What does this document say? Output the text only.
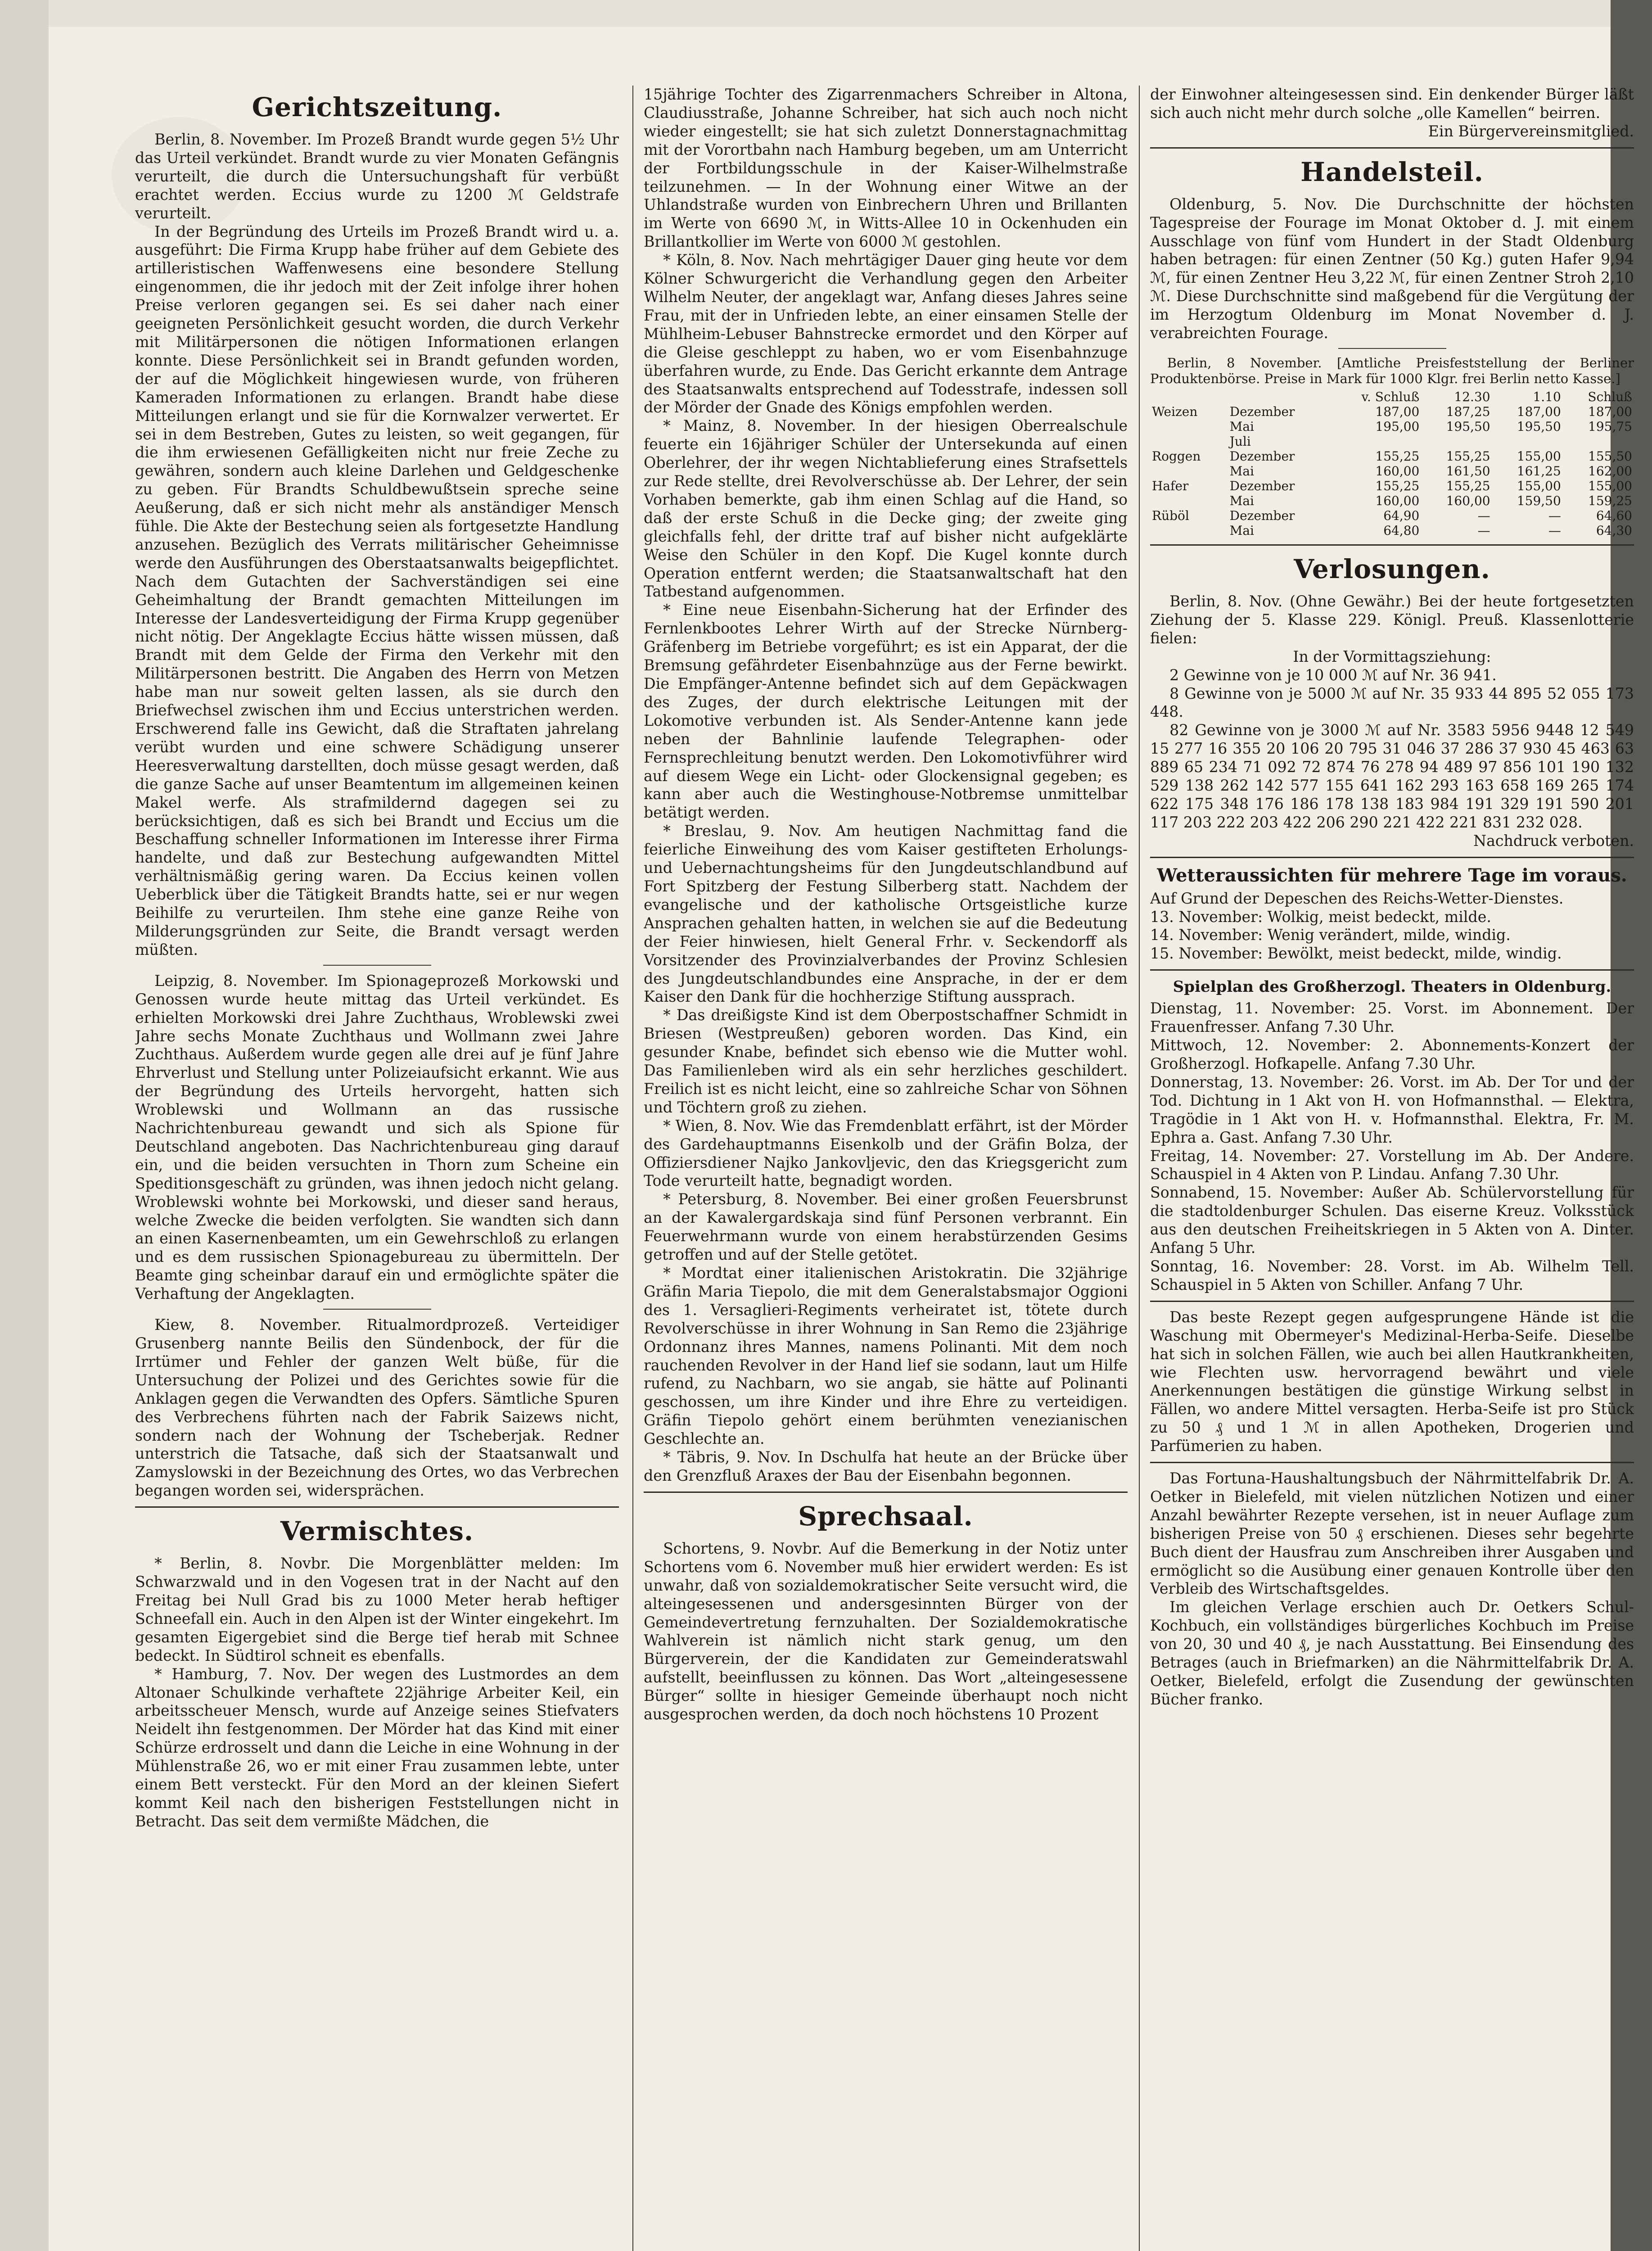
Gerichtszeitung.

Berlin, 8. November. Im Prozeß Brandt wurde gegen 5½ Uhr das Urteil verkündet. Brandt wurde zu vier Monaten Gefängnis verurteilt, die durch die Untersuchungshaft für verbüßt erachtet werden. Eccius wurde zu 1200 ℳ Geldstrafe verurteilt.

In der Begründung des Urteils im Prozeß Brandt wird u. a. ausgeführt: Die Firma Krupp habe früher auf dem Gebiete des artilleristischen Waffenwesens eine besondere Stellung eingenommen, die ihr jedoch mit der Zeit infolge ihrer hohen Preise verloren gegangen sei. Es sei daher nach einer geeigneten Persönlichkeit gesucht worden, die durch Verkehr mit Militärpersonen die nötigen Informationen erlangen konnte. Diese Persönlichkeit sei in Brandt gefunden worden, der auf die Möglichkeit hingewiesen wurde, von früheren Kameraden Informationen zu erlangen. Brandt habe diese Mitteilungen erlangt und sie für die Kornwalzer verwertet. Er sei in dem Bestreben, Gutes zu leisten, so weit gegangen, für die ihm erwiesenen Gefälligkeiten nicht nur freie Zeche zu gewähren, sondern auch kleine Darlehen und Geldgeschenke zu geben. Für Brandts Schuldbewußtsein spreche seine Aeußerung, daß er sich nicht mehr als anständiger Mensch fühle. Die Akte der Bestechung seien als fortgesetzte Handlung anzusehen. Bezüglich des Verrats militärischer Geheimnisse werde den Ausführungen des Oberstaatsanwalts beigepflichtet. Nach dem Gutachten der Sachverständigen sei eine Geheimhaltung der Brandt gemachten Mitteilungen im Interesse der Landesverteidigung der Firma Krupp gegenüber nicht nötig. Der Angeklagte Eccius hätte wissen müssen, daß Brandt mit dem Gelde der Firma den Verkehr mit den Militärpersonen bestritt. Die Angaben des Herrn von Metzen habe man nur soweit gelten lassen, als sie durch den Briefwechsel zwischen ihm und Eccius unterstrichen werden. Erschwerend falle ins Gewicht, daß die Straftaten jahrelang verübt wurden und eine schwere Schädigung unserer Heeresverwaltung darstellten, doch müsse gesagt werden, daß die ganze Sache auf unser Beamtentum im allgemeinen keinen Makel werfe. Als strafmildernd dagegen sei zu berücksichtigen, daß es sich bei Brandt und Eccius um die Beschaffung schneller Informationen im Interesse ihrer Firma handelte, und daß zur Bestechung aufgewandten Mittel verhältnismäßig gering waren. Da Eccius keinen vollen Ueberblick über die Tätigkeit Brandts hatte, sei er nur wegen Beihilfe zu verurteilen. Ihm stehe eine ganze Reihe von Milderungsgründen zur Seite, die Brandt versagt werden müßten.

Leipzig, 8. November. Im Spionageprozeß Morkowski und Genossen wurde heute mittag das Urteil verkündet. Es erhielten Morkowski drei Jahre Zuchthaus, Wroblewski zwei Jahre sechs Monate Zuchthaus und Wollmann zwei Jahre Zuchthaus. Außerdem wurde gegen alle drei auf je fünf Jahre Ehrverlust und Stellung unter Polizeiaufsicht erkannt. Wie aus der Begründung des Urteils hervorgeht, hatten sich Wroblewski und Wollmann an das russische Nachrichtenbureau gewandt und sich als Spione für Deutschland angeboten. Das Nachrichtenbureau ging darauf ein, und die beiden versuchten in Thorn zum Scheine ein Speditionsgeschäft zu gründen, was ihnen jedoch nicht gelang. Wroblewski wohnte bei Morkowski, und dieser sand heraus, welche Zwecke die beiden verfolgten. Sie wandten sich dann an einen Kasernenbeamten, um ein Gewehrschloß zu erlangen und es dem russischen Spionagebureau zu übermitteln. Der Beamte ging scheinbar darauf ein und ermöglichte später die Verhaftung der Angeklagten.

Kiew, 8. November. Ritualmordprozeß. Verteidiger Grusenberg nannte Beilis den Sündenbock, der für die Irrtümer und Fehler der ganzen Welt büße, für die Untersuchung der Polizei und des Gerichtes sowie für die Anklagen gegen die Verwandten des Opfers. Sämtliche Spuren des Verbrechens führten nach der Fabrik Saizews nicht, sondern nach der Wohnung der Tscheberjak. Redner unterstrich die Tatsache, daß sich der Staatsanwalt und Zamyslowski in der Bezeichnung des Ortes, wo das Verbrechen begangen worden sei, widersprächen.

Vermischtes.

* Berlin, 8. Novbr. Die Morgenblätter melden: Im Schwarzwald und in den Vogesen trat in der Nacht auf den Freitag bei Null Grad bis zu 1000 Meter herab heftiger Schneefall ein. Auch in den Alpen ist der Winter eingekehrt. Im gesamten Eigergebiet sind die Berge tief herab mit Schnee bedeckt. In Südtirol schneit es ebenfalls.

* Hamburg, 7. Nov. Der wegen des Lustmordes an dem Altonaer Schulkinde verhaftete 22jährige Arbeiter Keil, ein arbeitsscheuer Mensch, wurde auf Anzeige seines Stiefvaters Neidelt ihn festgenommen. Der Mörder hat das Kind mit einer Schürze erdrosselt und dann die Leiche in eine Wohnung in der Mühlenstraße 26, wo er mit einer Frau zusammen lebte, unter einem Bett versteckt. Für den Mord an der kleinen Siefert kommt Keil nach den bisherigen Feststellungen nicht in Betracht. Das seit dem vermißte Mädchen, die

15jährige Tochter des Zigarrenmachers Schreiber in Altona, Claudiusstraße, Johanne Schreiber, hat sich auch noch nicht wieder eingestellt; sie hat sich zuletzt Donnerstagnachmittag mit der Vorortbahn nach Hamburg begeben, um am Unterricht der Fortbildungsschule in der Kaiser-Wilhelmstraße teilzunehmen. — In der Wohnung einer Witwe an der Uhlandstraße wurden von Einbrechern Uhren und Brillanten im Werte von 6690 ℳ, in Witts-Allee 10 in Ockenhuden ein Brillantkollier im Werte von 6000 ℳ gestohlen.

* Köln, 8. Nov. Nach mehrtägiger Dauer ging heute vor dem Kölner Schwurgericht die Verhandlung gegen den Arbeiter Wilhelm Neuter, der angeklagt war, Anfang dieses Jahres seine Frau, mit der in Unfrieden lebte, an einer einsamen Stelle der Mühlheim-Lebuser Bahnstrecke ermordet und den Körper auf die Gleise geschleppt zu haben, wo er vom Eisenbahnzuge überfahren wurde, zu Ende. Das Gericht erkannte dem Antrage des Staatsanwalts entsprechend auf Todesstrafe, indessen soll der Mörder der Gnade des Königs empfohlen werden.

* Mainz, 8. November. In der hiesigen Oberrealschule feuerte ein 16jähriger Schüler der Untersekunda auf einen Oberlehrer, der ihr wegen Nichtablieferung eines Strafsettels zur Rede stellte, drei Revolverschüsse ab. Der Lehrer, der sein Vorhaben bemerkte, gab ihm einen Schlag auf die Hand, so daß der erste Schuß in die Decke ging; der zweite ging gleichfalls fehl, der dritte traf auf bisher nicht aufgeklärte Weise den Schüler in den Kopf. Die Kugel konnte durch Operation entfernt werden; die Staatsanwaltschaft hat den Tatbestand aufgenommen.

* Eine neue Eisenbahn-Sicherung hat der Erfinder des Fernlenkbootes Lehrer Wirth auf der Strecke Nürnberg-Gräfenberg im Betriebe vorgeführt; es ist ein Apparat, der die Bremsung gefährdeter Eisenbahnzüge aus der Ferne bewirkt. Die Empfänger-Antenne befindet sich auf dem Gepäckwagen des Zuges, der durch elektrische Leitungen mit der Lokomotive verbunden ist. Als Sender-Antenne kann jede neben der Bahnlinie laufende Telegraphen- oder Fernsprechleitung benutzt werden. Den Lokomotivführer wird auf diesem Wege ein Licht- oder Glockensignal gegeben; es kann aber auch die Westinghouse-Notbremse unmittelbar betätigt werden.

* Breslau, 9. Nov. Am heutigen Nachmittag fand die feierliche Einweihung des vom Kaiser gestifteten Erholungs- und Uebernachtungsheims für den Jungdeutschlandbund auf Fort Spitzberg der Festung Silberberg statt. Nachdem der evangelische und der katholische Ortsgeistliche kurze Ansprachen gehalten hatten, in welchen sie auf die Bedeutung der Feier hinwiesen, hielt General Frhr. v. Seckendorff als Vorsitzender des Provinzialverbandes der Provinz Schlesien des Jungdeutschlandbundes eine Ansprache, in der er dem Kaiser den Dank für die hochherzige Stiftung aussprach.

* Das dreißigste Kind ist dem Oberpostschaffner Schmidt in Briesen (Westpreußen) geboren worden. Das Kind, ein gesunder Knabe, befindet sich ebenso wie die Mutter wohl. Das Familienleben wird als ein sehr herzliches geschildert. Freilich ist es nicht leicht, eine so zahlreiche Schar von Söhnen und Töchtern groß zu ziehen.

* Wien, 8. Nov. Wie das Fremdenblatt erfährt, ist der Mörder des Gardehauptmanns Eisenkolb und der Gräfin Bolza, der Offiziersdiener Najko Jankovljevic, den das Kriegsgericht zum Tode verurteilt hatte, begnadigt worden.

* Petersburg, 8. November. Bei einer großen Feuersbrunst an der Kawalergardskaja sind fünf Personen verbrannt. Ein Feuerwehrmann wurde von einem herabstürzenden Gesims getroffen und auf der Stelle getötet.

* Mordtat einer italienischen Aristokratin. Die 32jährige Gräfin Maria Tiepolo, die mit dem Generalstabsmajor Oggioni des 1. Versaglieri-Regiments verheiratet ist, tötete durch Revolverschüsse in ihrer Wohnung in San Remo die 23jährige Ordonnanz ihres Mannes, namens Polinanti. Mit dem noch rauchenden Revolver in der Hand lief sie sodann, laut um Hilfe rufend, zu Nachbarn, wo sie angab, sie hätte auf Polinanti geschossen, um ihre Kinder und ihre Ehre zu verteidigen. Gräfin Tiepolo gehört einem berühmten venezianischen Geschlechte an.

* Täbris, 9. Nov. In Dschulfa hat heute an der Brücke über den Grenzfluß Araxes der Bau der Eisenbahn begonnen.

Sprechsaal.

Schortens, 9. Novbr. Auf die Bemerkung in der Notiz unter Schortens vom 6. November muß hier erwidert werden: Es ist unwahr, daß von sozialdemokratischer Seite versucht wird, die alteingesessenen und andersgesinnten Bürger von der Gemeindevertretung fernzuhalten. Der Sozialdemokratische Wahlverein ist nämlich nicht stark genug, um den Bürgerverein, der die Kandidaten zur Gemeinderatswahl aufstellt, beeinflussen zu können. Das Wort „alteingesessene Bürger“ sollte in hiesiger Gemeinde überhaupt noch nicht ausgesprochen werden, da doch noch höchstens 10 Prozent

der Einwohner alteingesessen sind. Ein denkender Bürger läßt sich auch nicht mehr durch solche „olle Kamellen“ beirren.

Ein Bürgervereinsmitglied.
Handelsteil.

Oldenburg, 5. Nov. Die Durchschnitte der höchsten Tagespreise der Fourage im Monat Oktober d. J. mit einem Ausschlage von fünf vom Hundert in der Stadt Oldenburg haben betragen: für einen Zentner (50 Kg.) guten Hafer 9,94 ℳ, für einen Zentner Heu 3,22 ℳ, für einen Zentner Stroh 2,10 ℳ. Diese Durchschnitte sind maßgebend für die Vergütung der im Herzogtum Oldenburg im Monat November d. J. verabreichten Fourage.

Berlin, 8 November. [Amtliche Preisfeststellung der Berliner Produktenbörse. Preise in Mark für 1000 Klgr. frei Berlin netto Kasse.]

		v. Schluß	12.30	1.10	Schluß
Weizen	Dezember	187,00	187,25	187,00	187,00
	Mai	195,00	195,50	195,50	195,75
	Juli				
Roggen	Dezember	155,25	155,25	155,00	155,50
	Mai	160,00	161,50	161,25	162,00
Hafer	Dezember	155,25	155,25	155,00	155,00
	Mai	160,00	160,00	159,50	159,25
Rüböl	Dezember	64,90	—	—	64,60
	Mai	64,80	—	—	64,30
Verlosungen.

Berlin, 8. Nov. (Ohne Gewähr.) Bei der heute fortgesetzten Ziehung der 5. Klasse 229. Königl. Preuß. Klassenlotterie fielen:

In der Vormittagsziehung:

2 Gewinne von je 10 000 ℳ auf Nr. 36 941.

8 Gewinne von je 5000 ℳ auf Nr. 35 933 44 895 52 055 173 448.

82 Gewinne von je 3000 ℳ auf Nr. 3583 5956 9448 12 549 15 277 16 355 20 106 20 795 31 046 37 286 37 930 45 463 63 889 65 234 71 092 72 874 76 278 94 489 97 856 101 190 132 529 138 262 142 577 155 641 162 293 163 658 169 265 174 622 175 348 176 186 178 138 183 984 191 329 191 590 201 117 203 222 203 422 206 290 221 422 221 831 232 028.

Nachdruck verboten.
Wetteraussichten für mehrere Tage im voraus.

Auf Grund der Depeschen des Reichs-Wetter-Dienstes.

13. November: Wolkig, meist bedeckt, milde.
14. November: Wenig verändert, milde, windig.
15. November: Bewölkt, meist bedeckt, milde, windig.
Spielplan des Großherzogl. Theaters in Oldenburg.

Dienstag, 11. November: 25. Vorst. im Abonnement. Der Frauenfresser. Anfang 7.30 Uhr.

Mittwoch, 12. November: 2. Abonnements-Konzert der Großherzogl. Hofkapelle. Anfang 7.30 Uhr.

Donnerstag, 13. November: 26. Vorst. im Ab. Der Tor und der Tod. Dichtung in 1 Akt von H. von Hofmannsthal. — Elektra, Tragödie in 1 Akt von H. v. Hofmannsthal. Elektra, Fr. M. Ephra a. Gast. Anfang 7.30 Uhr.

Freitag, 14. November: 27. Vorstellung im Ab. Der Andere. Schauspiel in 4 Akten von P. Lindau. Anfang 7.30 Uhr.

Sonnabend, 15. November: Außer Ab. Schülervorstellung für die stadtoldenburger Schulen. Das eiserne Kreuz. Volksstück aus den deutschen Freiheitskriegen in 5 Akten von A. Dinter. Anfang 5 Uhr.

Sonntag, 16. November: 28. Vorst. im Ab. Wilhelm Tell. Schauspiel in 5 Akten von Schiller. Anfang 7 Uhr.

Das beste Rezept gegen aufgesprungene Hände ist die Waschung mit Obermeyer's Medizinal-Herba-Seife. Dieselbe hat sich in solchen Fällen, wie auch bei allen Hautkrankheiten, wie Flechten usw. hervorragend bewährt und viele Anerkennungen bestätigen die günstige Wirkung selbst in Fällen, wo andere Mittel versagten. Herba-Seife ist pro Stück zu 50 ₰ und 1 ℳ in allen Apotheken, Drogerien und Parfümerien zu haben.

Das Fortuna-Haushaltungsbuch der Nährmittelfabrik Dr. A. Oetker in Bielefeld, mit vielen nützlichen Notizen und einer Anzahl bewährter Rezepte versehen, ist in neuer Auflage zum bisherigen Preise von 50 ₰ erschienen. Dieses sehr begehrte Buch dient der Hausfrau zum Anschreiben ihrer Ausgaben und ermöglicht so die Ausübung einer genauen Kontrolle über den Verbleib des Wirtschaftsgeldes.

Im gleichen Verlage erschien auch Dr. Oetkers Schul-Kochbuch, ein vollständiges bürgerliches Kochbuch im Preise von 20, 30 und 40 ₰, je nach Ausstattung. Bei Einsendung des Betrages (auch in Briefmarken) an die Nährmittelfabrik Dr. A. Oetker, Bielefeld, erfolgt die Zusendung der gewünschten Bücher franko.
